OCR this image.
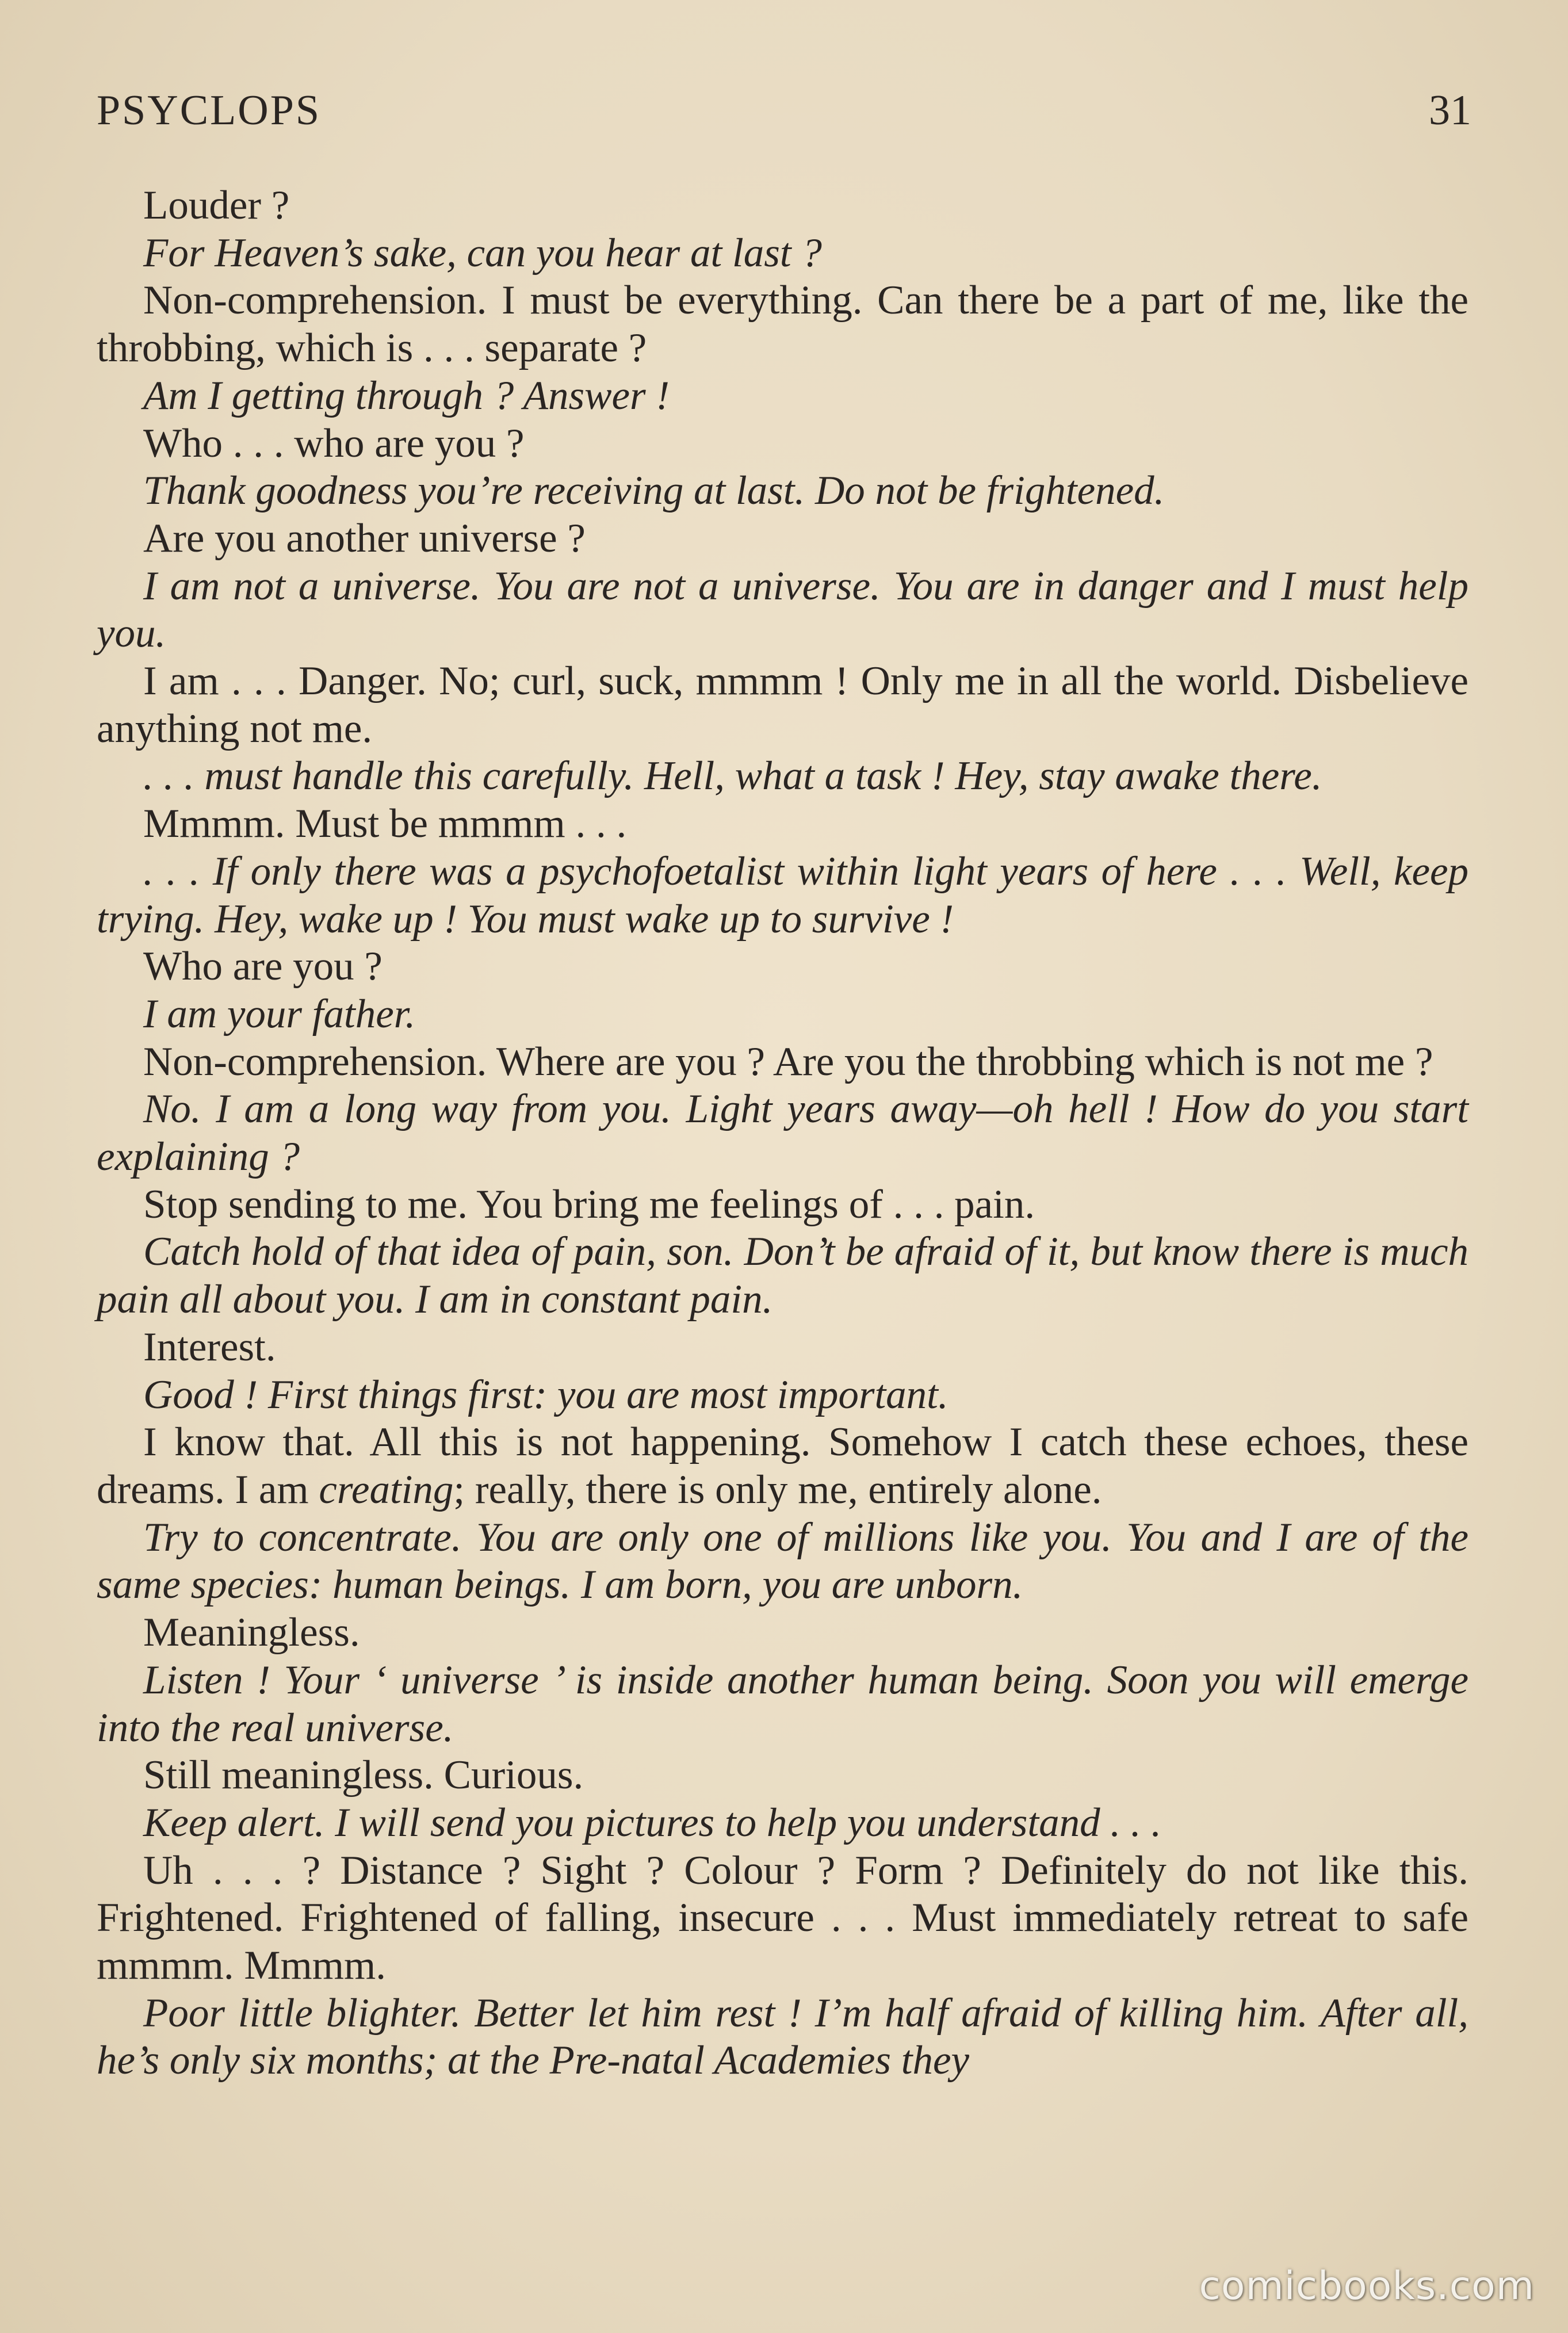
PSYCLOPS	31

Louder ?

For Heaven’s sake, can you hear at last ?

Non-comprehension. I must be everything. Can there be a part of me, like the throbbing, which is . . . separate ?

Am I getting through ? Answer !

Who . . . who are you ?

Thank goodness you’re receiving at last. Do not be frightened.

Are you another universe ?

I am not a universe. You are not a universe. You are in danger and I must help you.

I am . . . Danger. No; curl, suck, mmmm ! Only me in all the world. Disbelieve anything not me.

. . . must handle this carefully. Hell, what a task ! Hey, stay awake there.

Mmmm. Must be mmmm . . .

. . . If only there was a psychofoetalist within light years of here . . . Well, keep trying. Hey, wake up ! You must wake up to survive !

Who are you ?

I am your father.

Non-comprehension. Where are you ? Are you the throbbing which is not me ?

No. I am a long way from you. Light years away—oh hell ! How do you start explaining ?

Stop sending to me. You bring me feelings of . . . pain.

Catch hold of that idea of pain, son. Don’t be afraid of it, but know there is much pain all about you. I am in constant pain.

Interest.

Good ! First things first: you are most important.

I know that. All this is not happening. Somehow I catch these echoes, these dreams. I am creating; really, there is only me, entirely alone.

Try to concentrate. You are only one of millions like you. You and I are of the same species: human beings. I am born, you are unborn.

Meaningless.

Listen ! Your ‘ universe ’ is inside another human being. Soon you will emerge into the real universe.

Still meaningless. Curious.

Keep alert. I will send you pictures to help you understand . . .

Uh . . . ? Distance ? Sight ? Colour ? Form ? Definitely do not like this. Frightened. Frightened of falling, insecure . . . Must immediately retreat to safe mmmm. Mmmm.

Poor little blighter. Better let him rest ! I’m half afraid of killing him. After all, he’s only six months; at the Pre-natal Academies they

comicbooks.com
